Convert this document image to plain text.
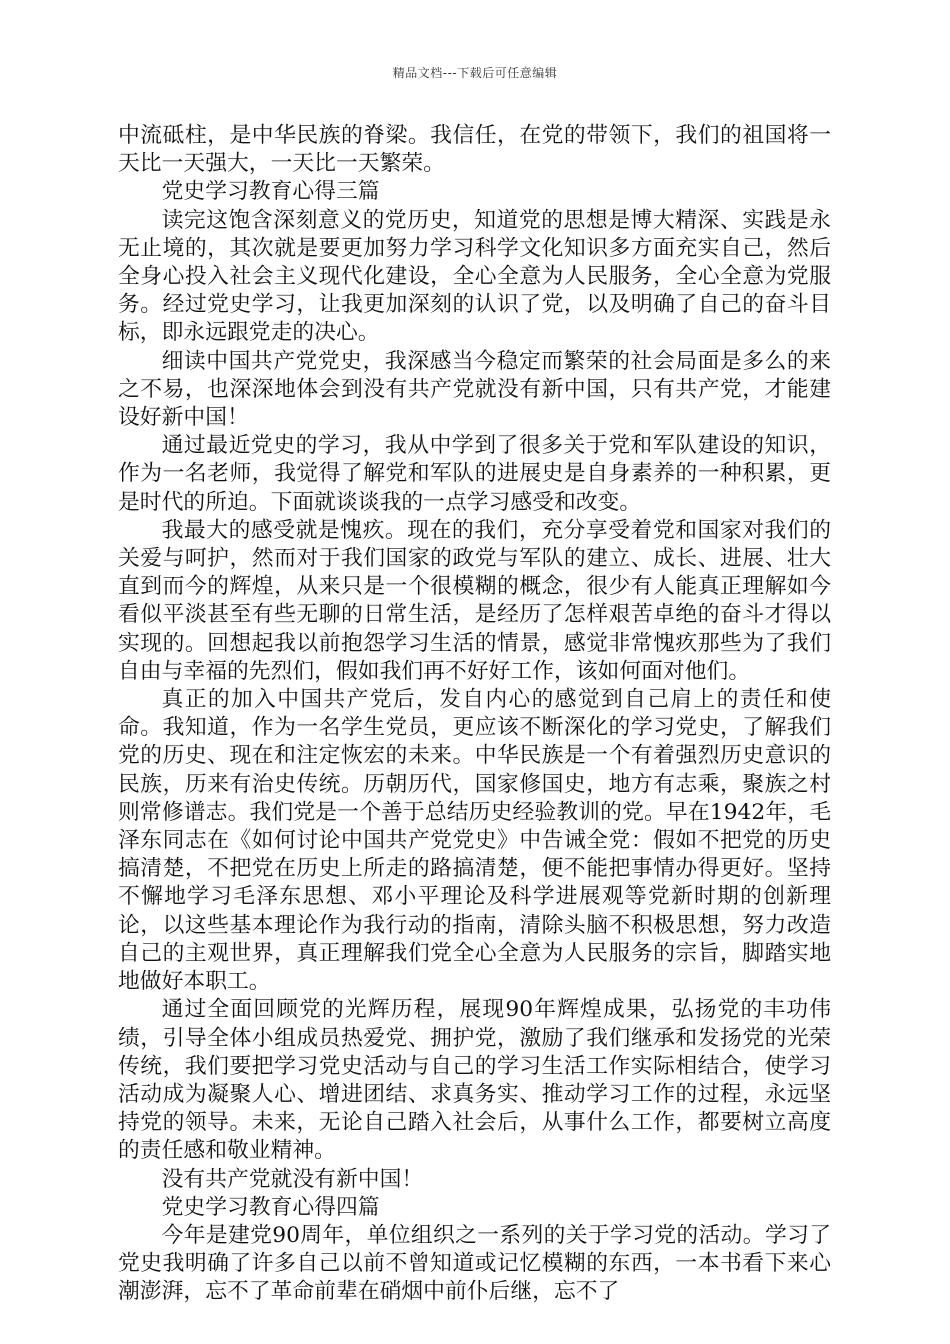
精品文档---下载后可任意编辑

中流砥柱，是中华民族的脊梁。我信任，在党的带领下，我们的祖国将一天比一天强大，一天比一天繁荣。

党史学习教育心得三篇

读完这饱含深刻意义的党历史，知道党的思想是博大精深、实践是永无止境的，其次就是要更加努力学习科学文化知识多方面充实自己，然后全身心投入社会主义现代化建设，全心全意为人民服务，全心全意为党服务。经过党史学习，让我更加深刻的认识了党，以及明确了自己的奋斗目标，即永远跟党走的决心。

细读中国共产党党史，我深感当今稳定而繁荣的社会局面是多么的来之不易，也深深地体会到没有共产党就没有新中国，只有共产党，才能建设好新中国！

通过最近党史的学习，我从中学到了很多关于党和军队建设的知识，作为一名老师，我觉得了解党和军队的进展史是自身素养的一种积累，更是时代的所迫。下面就谈谈我的一点学习感受和改变。

我最大的感受就是愧疚。现在的我们，充分享受着党和国家对我们的关爱与呵护，然而对于我们国家的政党与军队的建立、成长、进展、壮大直到而今的辉煌，从来只是一个很模糊的概念，很少有人能真正理解如今看似平淡甚至有些无聊的日常生活，是经历了怎样艰苦卓绝的奋斗才得以实现的。回想起我以前抱怨学习生活的情景，感觉非常愧疚那些为了我们自由与幸福的先烈们，假如我们再不好好工作，该如何面对他们。

真正的加入中国共产党后，发自内心的感觉到自己肩上的责任和使命。我知道，作为一名学生党员，更应该不断深化的学习党史，了解我们党的历史、现在和注定恢宏的未来。中华民族是一个有着强烈历史意识的民族，历来有治史传统。历朝历代，国家修国史，地方有志乘，聚族之村则常修谱志。我们党是一个善于总结历史经验教训的党。早在1942年，毛泽东同志在《如何讨论中国共产党党史》中告诫全党：假如不把党的历史搞清楚，不把党在历史上所走的路搞清楚，便不能把事情办得更好。坚持不懈地学习毛泽东思想、邓小平理论及科学进展观等党新时期的创新理论，以这些基本理论作为我行动的指南，清除头脑不积极思想，努力改造自己的主观世界，真正理解我们党全心全意为人民服务的宗旨，脚踏实地地做好本职工。

通过全面回顾党的光辉历程，展现90年辉煌成果，弘扬党的丰功伟绩，引导全体小组成员热爱党、拥护党，激励了我们继承和发扬党的光荣传统，我们要把学习党史活动与自己的学习生活工作实际相结合，使学习活动成为凝聚人心、增进团结、求真务实、推动学习工作的过程，永远坚持党的领导。未来，无论自己踏入社会后，从事什么工作，都要树立高度的责任感和敬业精神。

没有共产党就没有新中国！

党史学习教育心得四篇

今年是建党90周年，单位组织之一系列的关于学习党的活动。学习了党史我明确了许多自己以前不曾知道或记忆模糊的东西，一本书看下来心潮澎湃，忘不了革命前辈在硝烟中前仆后继，忘不了
